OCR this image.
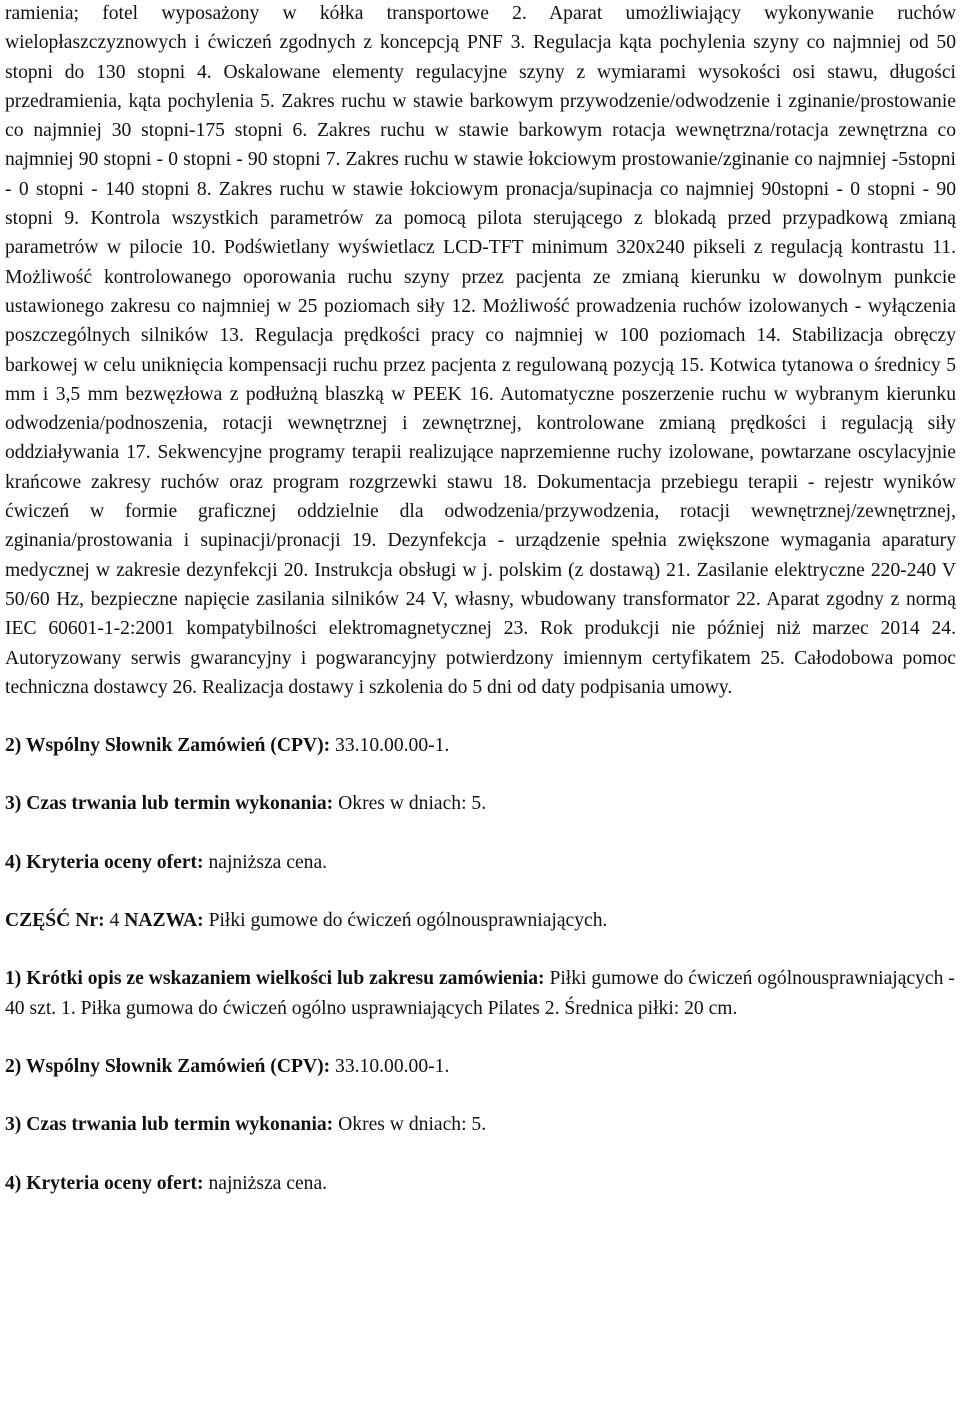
ramienia; fotel wyposażony w kółka transportowe 2. Aparat umożliwiający wykonywanie ruchów wielopłaszczyznowych i ćwiczeń zgodnych z koncepcją PNF 3. Regulacja kąta pochylenia szyny co najmniej od 50 stopni do 130 stopni 4. Oskalowane elementy regulacyjne szyny z wymiarami wysokości osi stawu, długości przedramienia, kąta pochylenia 5. Zakres ruchu w stawie barkowym przywodzenie/odwodzenie i zginanie/prostowanie co najmniej 30 stopni-175 stopni 6. Zakres ruchu w stawie barkowym rotacja wewnętrzna/rotacja zewnętrzna co najmniej 90 stopni - 0 stopni - 90 stopni 7. Zakres ruchu w stawie łokciowym prostowanie/zginanie co najmniej -5stopni - 0 stopni - 140 stopni 8. Zakres ruchu w stawie łokciowym pronacja/supinacja co najmniej 90stopni - 0 stopni - 90 stopni 9. Kontrola wszystkich parametrów za pomocą pilota sterującego z blokadą przed przypadkową zmianą parametrów w pilocie 10. Podświetlany wyświetlacz LCD-TFT minimum 320x240 pikseli z regulacją kontrastu 11. Możliwość kontrolowanego oporowania ruchu szyny przez pacjenta ze zmianą kierunku w dowolnym punkcie ustawionego zakresu co najmniej w 25 poziomach siły 12. Możliwość prowadzenia ruchów izolowanych - wyłączenia poszczególnych silników 13. Regulacja prędkości pracy co najmniej w 100 poziomach 14. Stabilizacja obręczy barkowej w celu uniknięcia kompensacji ruchu przez pacjenta z regulowaną pozycją 15. Kotwica tytanowa o średnicy 5 mm i 3,5 mm bezwęzłowa z podłużną blaszką w PEEK 16. Automatyczne poszerzenie ruchu w wybranym kierunku odwodzenia/podnoszenia, rotacji wewnętrznej i zewnętrznej, kontrolowane zmianą prędkości i regulacją siły oddziaływania 17. Sekwencyjne programy terapii realizujące naprzemienne ruchy izolowane, powtarzane oscylacyjnie krańcowe zakresy ruchów oraz program rozgrzewki stawu 18. Dokumentacja przebiegu terapii - rejestr wyników ćwiczeń w formie graficznej oddzielnie dla odwodzenia/przywodzenia, rotacji wewnętrznej/zewnętrznej, zginania/prostowania i supinacji/pronacji 19. Dezynfekcja - urządzenie spełnia zwiększone wymagania aparatury medycznej w zakresie dezynfekcji 20. Instrukcja obsługi w j. polskim (z dostawą) 21. Zasilanie elektryczne 220-240 V 50/60 Hz, bezpieczne napięcie zasilania silników 24 V, własny, wbudowany transformator 22. Aparat zgodny z normą IEC 60601-1-2:2001 kompatybilności elektromagnetycznej 23. Rok produkcji nie później niż marzec 2014 24. Autoryzowany serwis gwarancyjny i pogwarancyjny potwierdzony imiennym certyfikatem 25. Całodobowa pomoc techniczna dostawcy 26. Realizacja dostawy i szkolenia do 5 dni od daty podpisania umowy.

2) Wspólny Słownik Zamówień (CPV): 33.10.00.00-1.

3) Czas trwania lub termin wykonania: Okres w dniach: 5.

4) Kryteria oceny ofert: najniższa cena.

CZĘŚĆ Nr: 4 NAZWA: Piłki gumowe do ćwiczeń ogólnousprawniających.

1) Krótki opis ze wskazaniem wielkości lub zakresu zamówienia: Piłki gumowe do ćwiczeń ogólnousprawniających - 40 szt. 1. Piłka gumowa do ćwiczeń ogólno usprawniających Pilates 2. Średnica piłki: 20 cm.

2) Wspólny Słownik Zamówień (CPV): 33.10.00.00-1.

3) Czas trwania lub termin wykonania: Okres w dniach: 5.

4) Kryteria oceny ofert: najniższa cena.
